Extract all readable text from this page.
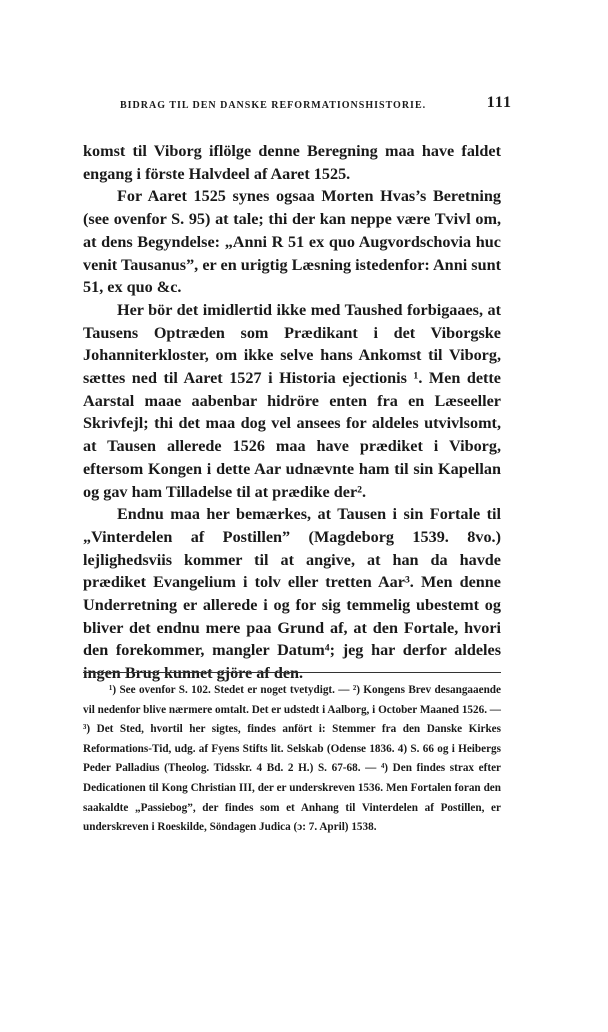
BIDRAG TIL DEN DANSKE REFORMATIONSHISTORIE.	111

komst til Viborg iflölge denne Beregning maa have faldet engang i förste Halvdeel af Aaret 1525.

For Aaret 1525 synes ogsaa Morten Hvas’s Beretning (see ovenfor S. 95) at tale; thi der kan neppe være Tvivl om, at dens Begyndelse: „Anni R 51 ex quo Augvordschovia huc venit Tausanus”, er en urigtig Læsning istedenfor: Anni sunt 51, ex quo &c.

Her bör det imidlertid ikke med Taushed forbigaaes, at Tausens Optræden som Prædikant i det Viborgske Johanniterkloster, om ikke selve hans Ankomst til Viborg, sættes ned til Aaret 1527 i Historia ejectionis ¹. Men dette Aarstal maae aabenbar hidröre enten fra en Læseeller Skrivfejl; thi det maa dog vel ansees for aldeles utvivlsomt, at Tausen allerede 1526 maa have prædiket i Viborg, eftersom Kongen i dette Aar udnævnte ham til sin Kapellan og gav ham Tilladelse til at prædike der².

Endnu maa her bemærkes, at Tausen i sin Fortale til „Vinterdelen af Postillen” (Magdeborg 1539. 8vo.) lejlighedsviis kommer til at angive, at han da havde prædiket Evangelium i tolv eller tretten Aar³. Men denne Underretning er allerede i og for sig temmelig ubestemt og bliver det endnu mere paa Grund af, at den Fortale, hvori den forekommer, mangler Datum⁴; jeg har derfor aldeles ingen Brug kunnet gjöre af den.

¹) See ovenfor S. 102. Stedet er noget tvetydigt. — ²) Kongens Brev desangaaende vil nedenfor blive nærmere omtalt. Det er udstedt i Aalborg, i October Maaned 1526. — ³) Det Sted, hvortil her sigtes, findes anfört i: Stemmer fra den Danske Kirkes Reformations-Tid, udg. af Fyens Stifts lit. Selskab (Odense 1836. 4) S. 66 og i Heibergs Peder Palladius (Theolog. Tidsskr. 4 Bd. 2 H.) S. 67-68. — ⁴) Den findes strax efter Dedicationen til Kong Christian III, der er underskreven 1536. Men Fortalen foran den saakaldte „Passiebog”, der findes som et Anhang til Vinterdelen af Postillen, er underskreven i Roeskilde, Söndagen Judica (ɔ: 7. April) 1538.
